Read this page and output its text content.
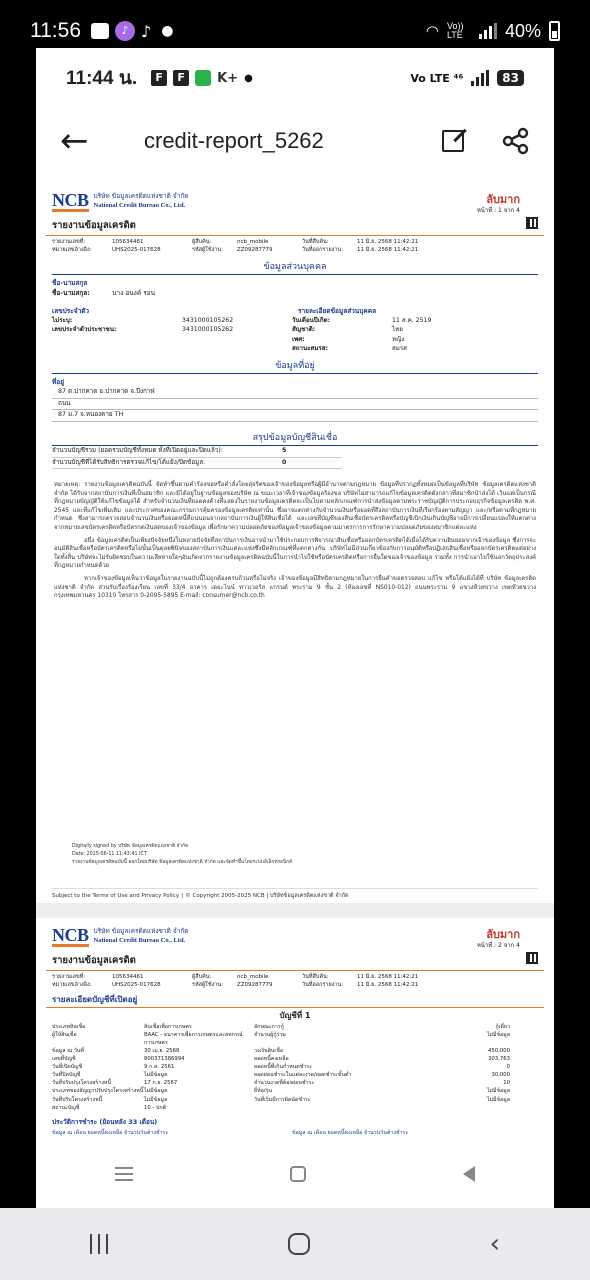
11:56	♪ ♪ ●	◠ Vo)) LTE	40%
11:44 น.	F	F	K+ ●	Vo LTE ⁴⁶	83
←	credit-report_5262
NCB บริษัท ข้อมูลเครดิตแห่งชาติ จำกัด
National Credit Bureau Co., Ltd.	ลับมาก
หน้าที่ : 1 จาก 4
รายงานข้อมูลเครดิต
รายงานเลขที่:	105634461	ผู้สืบค้น:	ncb_mobile	วันที่สืบค้น:	11 มิ.ย. 2568 11:42:21
หมายเลขอ้างอิง:	UHS2025-017628	รหัสผู้ใช้งาน:	ZZ09287779	วันที่ออกรายงาน:	11 มิ.ย. 2568 11:42:21
ข้อมูลส่วนบุคคล
ชื่อ-นามสกุล
ชื่อ-นามสกุล:	นาง อนงค์ รอน
เลขประจำตัว	รายละเอียดข้อมูลส่วนบุคคล
ไม่ระบุ:	3431000105262	วันเดือนปีเกิด:	11 ส.ค. 2519
เลขประจำตัวประชาชน:	3431000105262	สัญชาติ:	ไทย
เพศ:	หญิง
สถานะสมรส:	สมรส
ข้อมูลที่อยู่
ที่อยู่
87 ต.ปากคาด อ.ปากคาด จ.บึงกาฬ
ถนน
87 ม.7 จ.หนองคาย TH
สรุปข้อมูลบัญชีสินเชื่อ
จำนวนบัญชีรวม (ยอดรวมบัญชีทั้งหมด ทั้งที่เปิดอยู่และปิดแล้ว):	5
จำนวนบัญชีที่ได้รับสิทธิการตรวจแก้ไข/โต้แย้ง/ปิดข้อมูล:	0

หมายเหตุ: รายงานข้อมูลเครดิตฉบับนี้ จัดทำขึ้นตามคำร้องขอหรือคำสั่งโดยสุจริตของเจ้าของข้อมูลหรือผู้มีอำนาจตามกฎหมาย ข้อมูลที่ปรากฏทั้งหมดเป็นข้อมูลที่บริษัท ข้อมูลเครดิตแห่งชาติ จำกัด ได้รับจากสถาบันการเงินที่เป็นสมาชิก และมิได้อยู่ในฐานข้อมูลของบริษัท ณ ขณะเวลาที่เจ้าของข้อมูลร้องขอ บริษัทไม่สามารถแก้ไขข้อมูลเครดิตดังกล่าวที่สมาชิกนำส่งได้ เว้นแต่เป็นกรณีที่กฎหมายบัญญัติให้แก้ไขข้อมูลได้ สำหรับจำนวนเงินที่ยอดคงค้างที่แสดงในรายงานข้อมูลเครดิตจะเป็นไปตามหลักเกณฑ์การนำส่งข้อมูลตามพระราชบัญญัติการประกอบธุรกิจข้อมูลเครดิต พ.ศ. 2545 และที่แก้ไขเพิ่มเติม และประกาศของคณะกรรมการคุ้มครองข้อมูลเครดิตเท่านั้น ซึ่งอาจแตกต่างกับจำนวนเงินหรือยอดที่ถึงสถาบันการเงินที่เรียกร้องตามสัญญา และ/หรือตามที่กฎหมายกำหนด ซึ่งสามารถตรวจสอบจำนวนเงินหรือยอดหนี้ที่แน่นอนจากสถาบันการเงินผู้ให้สินเชื่อได้ และเลขที่บัญชีของสินเชื่อบัตรเครดิตหรือบัญชีเบิกเงินเกินบัญชีอาจมีการเปลี่ยนแปลงให้แตกต่างจากหมายเลขบัตรเครดิตหรือบัตรกดเงินสดของเจ้าของข้อมูล เพื่อรักษาความปลอดภัยของข้อมูลเจ้าของข้อมูลตามมาตรการการรักษาความปลอดภัยของสมาชิกแต่ละแห่ง

อนึ่ง ข้อมูลเครดิตเป็นเพียงปัจจัยหนึ่งในหลายปัจจัยที่สถาบันการเงินอาจนำมาใช้ประกอบการพิจารณาสินเชื่อหรือออกบัตรเครดิตได้เมื่อได้รับความยินยอมจากเจ้าของข้อมูล ซึ่งการจะอนุมัติสินเชื่อหรือบัตรเครดิตหรือไม่นั้นเป็นดุลยพินิจของสถาบันการเงินแต่ละแห่งซึ่งมีหลักเกณฑ์ที่แตกต่างกัน บริษัทไม่มีส่วนเกี่ยวข้องกับการอนุมัติหรือปฏิเสธสินเชื่อหรือออกบัตรเครดิตแต่อย่างใดทั้งสิ้น บริษัทจะไม่รับผิดชอบในความเสียหายใดๆอันเกิดจากรายงานข้อมูลเครดิตฉบับนี้ในการนำไปใช้หรือบัตรเครดิตหรือการอื่นใดของเจ้าของข้อมูล รวมทั้ง การนำเอาไปใช้นอกวัตถุประสงค์ที่กฎหมายกำหนดด้วย

หากเจ้าของข้อมูลเห็นว่าข้อมูลในรายงานฉบับนี้ไม่ถูกต้องครบถ้วนหรือไม่จริง เจ้าของข้อมูลมีสิทธิตามกฎหมายในการยื่นคำขอตรวจสอบ แก้ไข หรือโต้แย้งได้ที่ บริษัท ข้อมูลเครดิตแห่งชาติ จำกัด ส่วนรับเรื่องร้องเรียน เลขที่ 33/4 อาคาร เดอะไนน์ ทาวเวอร์ส แกรนด์ พระราม 9 ชั้น 2 (ห้องเลขที่ NS010-012) ถนนพระราม 9 แขวงห้วยขวาง เขตห้วยขวาง กรุงเทพมหานคร 10310 โทรสาร 0-2095-5895 E-mail: consumer@ncb.co.th

Digitally signed by บริษัท ข้อมูลเครดิตแห่งชาติ จำกัด
Date: 2025-06-11 11:43:41 ICT
รายงานข้อมูลเครดิตฉบับนี้ ออกโดยบริษัท ข้อมูลเครดิตแห่งชาติ จำกัด และจัดทำขึ้นโดยระบบอิเล็กทรอนิกส์
Subject to the Terms of Use and Privacy Policy. | © Copyright 2005-2025 NCB | บริษัทข้อมูลเครดิตแห่งชาติ จำกัด
NCB บริษัท ข้อมูลเครดิตแห่งชาติ จำกัด
National Credit Bureau Co., Ltd.	ลับมาก
หน้าที่ : 2 จาก 4
รายงานข้อมูลเครดิต
รายงานเลขที่:	105634461	ผู้สืบค้น:	ncb_mobile	วันที่สืบค้น:	11 มิ.ย. 2568 11:42:21
หมายเลขอ้างอิง:	UHS2025-017628	รหัสผู้ใช้งาน:	ZZ09287779	วันที่ออกรายงาน:	11 มิ.ย. 2568 11:42:21
รายละเอียดบัญชีที่เปิดอยู่
บัญชีที่ 1
ประเภทสินเชื่อ	สินเชื่อเพื่อการเกษตร	ลักษณะการกู้	กู้เดี่ยว
ผู้ให้สินเชื่อ	BAAC - ธนาคารเพื่อการเกษตรและสหกรณ์การเกษตร
จำนวนผู้กู้ร่วม	ไม่มีข้อมูล
ข้อมูล ณ วันที่	30 เม.ย. 2568	วงเงินสินเชื่อ	450,000
เลขที่บัญชี	800371386994	ยอดหนี้คงเหลือ	303,763
วันที่เปิดบัญชี	9 ก.ค. 2561	ยอดหนี้ที่เกินกำหนดชำระ	0
วันที่ปิดบัญชี	ไม่มีข้อมูล	ยอดผ่อนชำระในแต่ละงวด/ยอดชำระขั้นต่ำ	30,000
วันที่ปรับปรุงโครงสร้างหนี้	17 ก.ย. 2567	จำนวนงวดที่ต้องผ่อนชำระ	10
ประเภทของสัญญาปรับปรุงโครงสร้างหนี้ ไม่มีข้อมูล	ยี่ห้อ/รุ่น	ไม่มีข้อมูล
วันที่ปรับโครงสร้างหนี้	ไม่มีข้อมูล	วันที่เริ่มมีการผิดนัดชำระ	ไม่มีข้อมูล
สถานะบัญชี	10 - ปกติ
ประวัติการชำระ (ย้อนหลัง 33 เดือน)
ข้อมูล ณ เดือน ยอดหนี้คงเหลือ จำนวนวันค้างชำระ	ข้อมูล ณ เดือน ยอดหนี้คงเหลือ จำนวนวันค้างชำระ
‹
